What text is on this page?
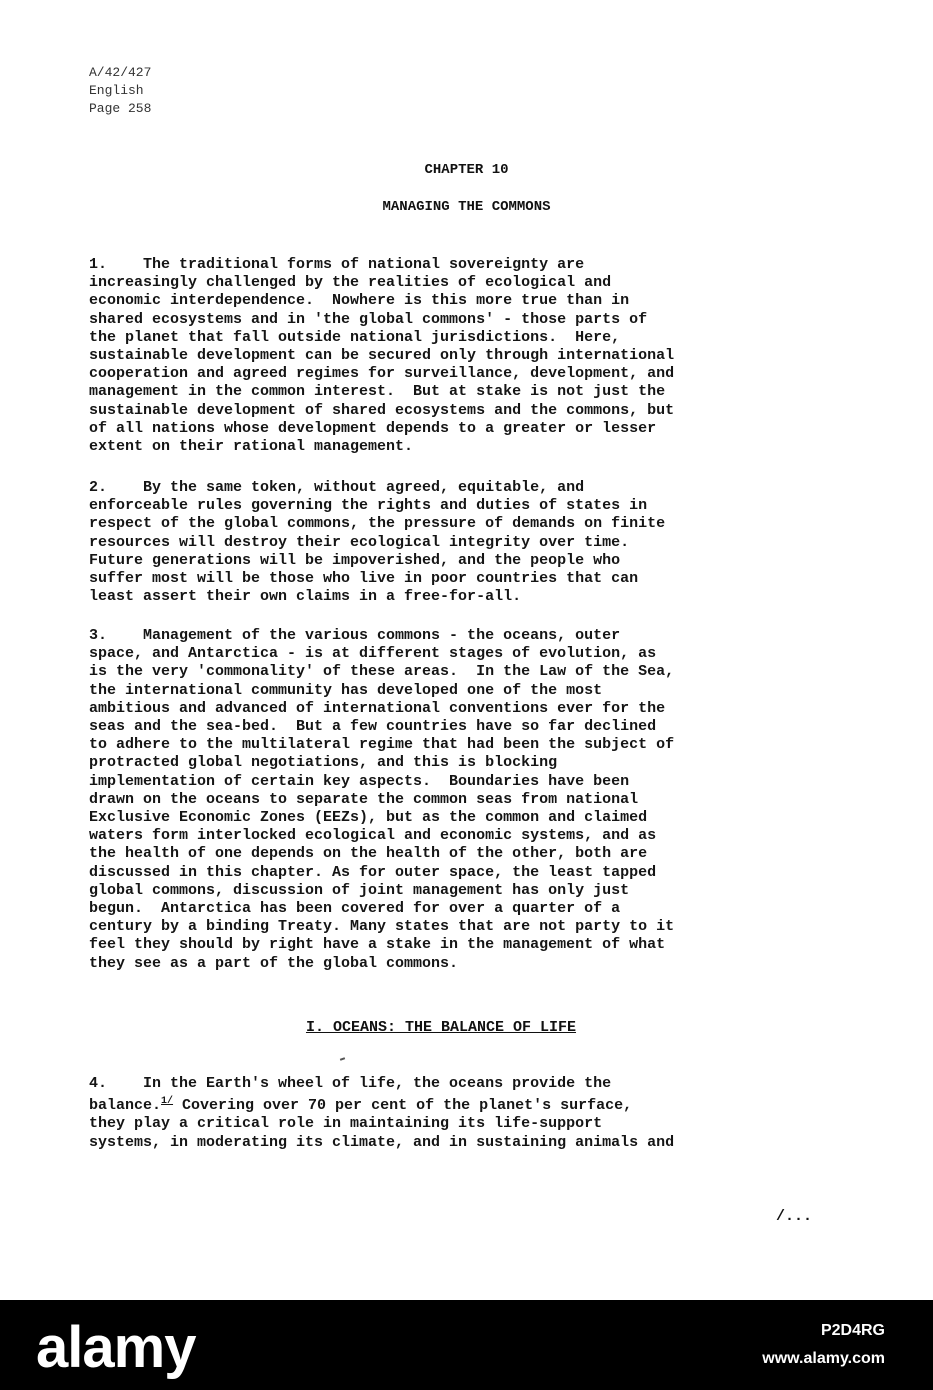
A/42/427
English
Page 258
CHAPTER 10
MANAGING THE COMMONS
1.    The traditional forms of national sovereignty are
increasingly challenged by the realities of ecological and
economic interdependence.  Nowhere is this more true than in
shared ecosystems and in 'the global commons' - those parts of
the planet that fall outside national jurisdictions.  Here,
sustainable development can be secured only through international
cooperation and agreed regimes for surveillance, development, and
management in the common interest.  But at stake is not just the
sustainable development of shared ecosystems and the commons, but
of all nations whose development depends to a greater or lesser
extent on their rational management.
2.    By the same token, without agreed, equitable, and
enforceable rules governing the rights and duties of states in
respect of the global commons, the pressure of demands on finite
resources will destroy their ecological integrity over time.
Future generations will be impoverished, and the people who
suffer most will be those who live in poor countries that can
least assert their own claims in a free-for-all.
3.    Management of the various commons - the oceans, outer
space, and Antarctica - is at different stages of evolution, as
is the very 'commonality' of these areas.  In the Law of the Sea,
the international community has developed one of the most
ambitious and advanced of international conventions ever for the
seas and the sea-bed.  But a few countries have so far declined
to adhere to the multilateral regime that had been the subject of
protracted global negotiations, and this is blocking
implementation of certain key aspects.  Boundaries have been
drawn on the oceans to separate the common seas from national
Exclusive Economic Zones (EEZs), but as the common and claimed
waters form interlocked ecological and economic systems, and as
the health of one depends on the health of the other, both are
discussed in this chapter. As for outer space, the least tapped
global commons, discussion of joint management has only just
begun.  Antarctica has been covered for over a quarter of a
century by a binding Treaty. Many states that are not party to it
feel they should by right have a stake in the management of what
they see as a part of the global commons.
I. OCEANS: THE BALANCE OF LIFE
4.    In the Earth's wheel of life, the oceans provide the
balance.$^{1/}$ Covering over 70 per cent of the planet's surface,
they play a critical role in maintaining its life-support
systems, in moderating its climate, and in sustaining animals and
/...
alamy	P2D4RG
www.alamy.com
